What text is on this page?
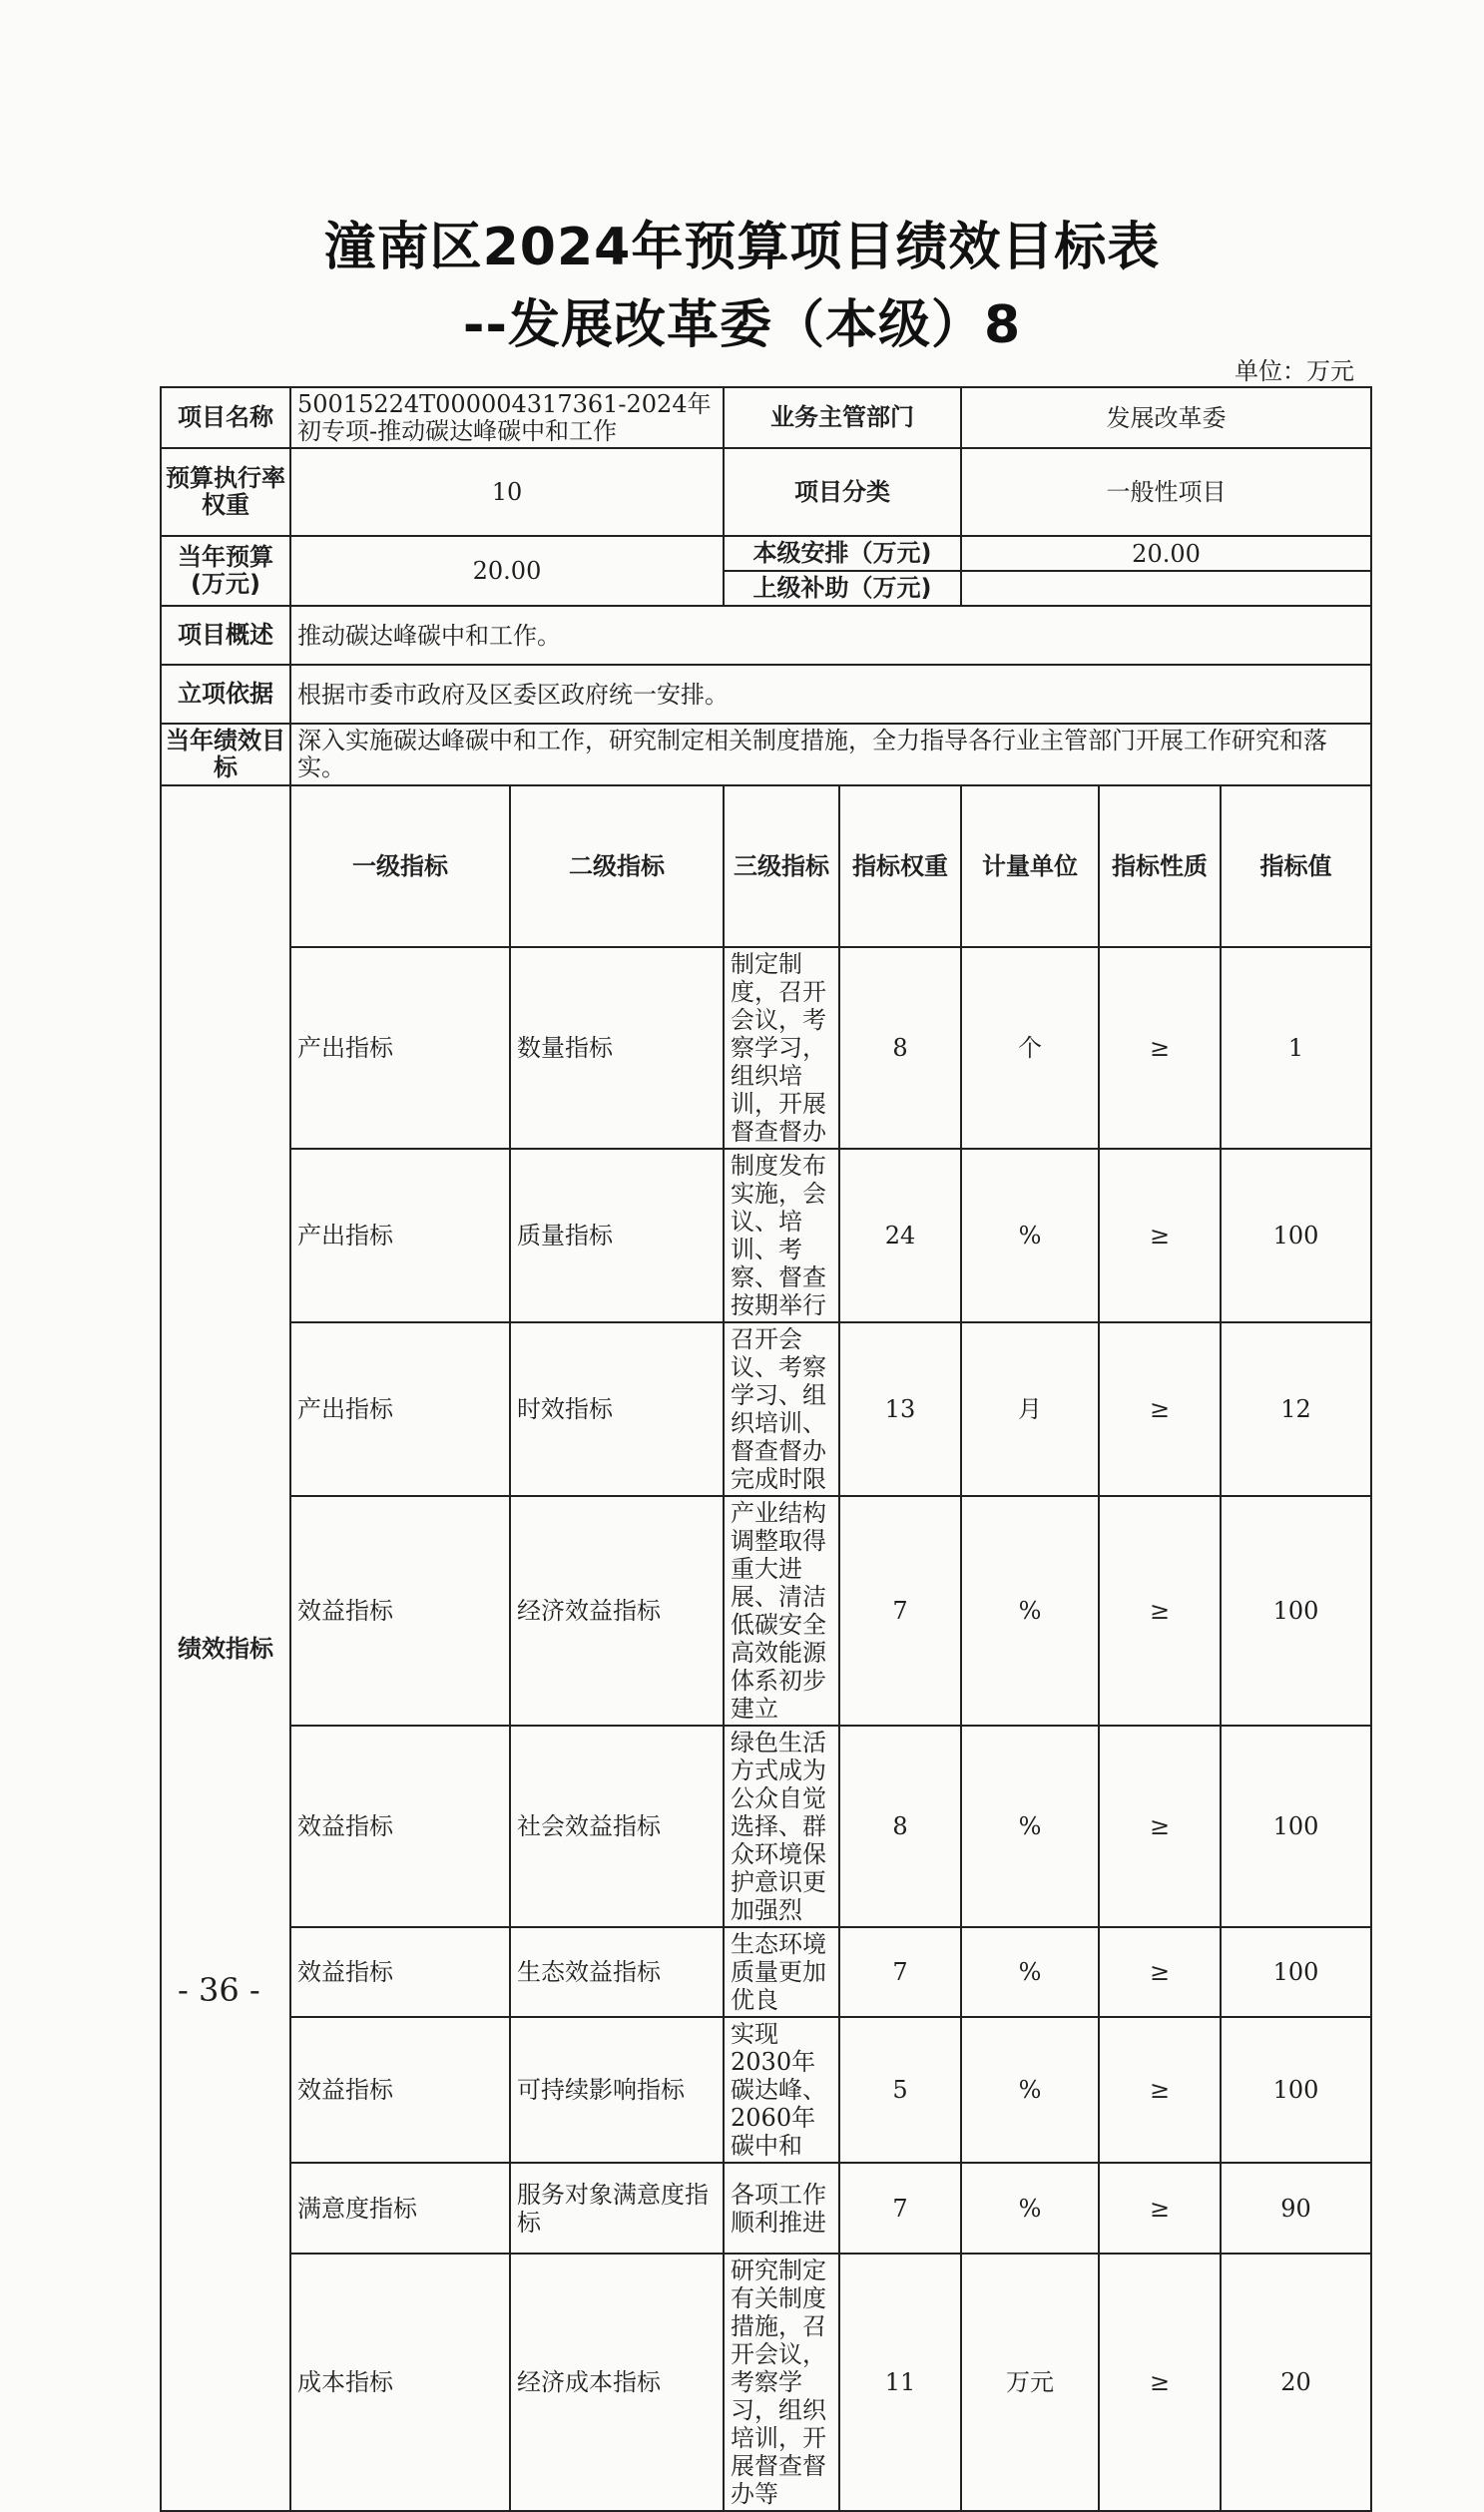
潼南区2024年预算项目绩效目标表
--发展改革委（本级）8
单位：万元
项目名称	50015224T000004317361-2024年初专项-推动碳达峰碳中和工作		业务主管部门		发展改革委			
预算执行率权重	10		项目分类		一般性项目			
当年预算(万元)	20.00		本级安排（万元)		20.00			
			上级补助（万元)					
项目概述	推动碳达峰碳中和工作。							
立项依据	根据市委市政府及区委区政府统一安排。							
当年绩效目标	深入实施碳达峰碳中和工作，研究制定相关制度措施，全力指导各行业主管部门开展工作研究和落实。							
绩效指标	一级指标	二级指标	三级指标	指标权重	计量单位	指标性质	指标值	
	产出指标	数量指标	制定制度，召开会议，考察学习，组织培训，开展督查督办	8	个	≥	1	
	产出指标	质量指标	制度发布实施，会议、培训、考察、督查按期举行	24	%	≥	100	
	产出指标	时效指标	召开会议、考察学习、组织培训、督查督办完成时限	13	月	≥	12	
	效益指标	经济效益指标	产业结构调整取得重大进展、清洁低碳安全高效能源体系初步建立	7	%	≥	100	
	效益指标	社会效益指标	绿色生活方式成为公众自觉选择、群众环境保护意识更加强烈	8	%	≥	100	
	效益指标	生态效益指标	生态环境质量更加优良	7	%	≥	100	
	效益指标	可持续影响指标	实现2030年碳达峰、2060年碳中和	5	%	≥	100	
	满意度指标	服务对象满意度指标	各项工作顺利推进	7	%	≥	90	
	成本指标	经济成本指标	研究制定有关制度措施，召开会议，考察学习，组织培训，开展督查督办等	11	万元	≥	20	
- 36 -
